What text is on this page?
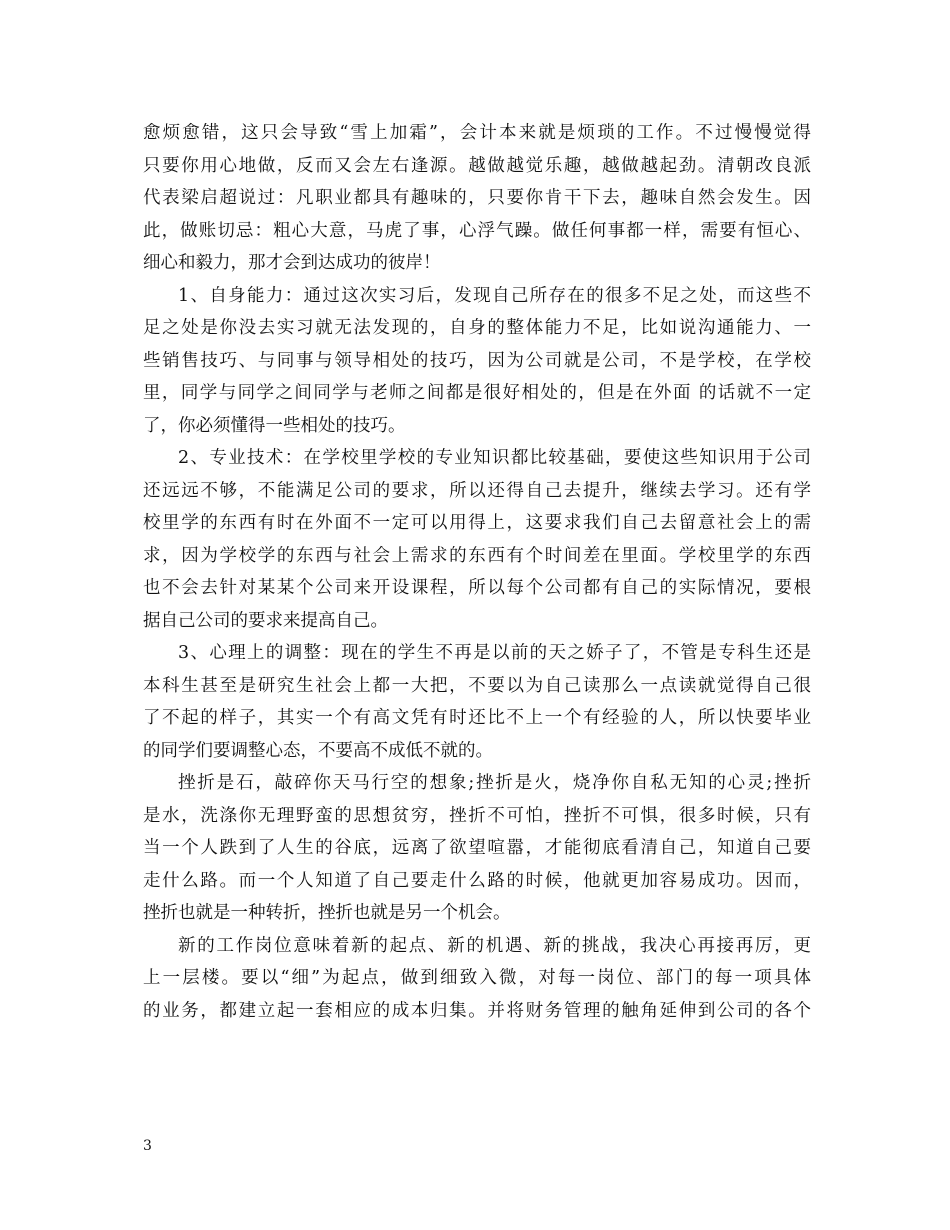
愈烦愈错，这只会导致“雪上加霜”，会计本来就是烦琐的工作。不过慢慢觉得
只要你用心地做，反而又会左右逢源。越做越觉乐趣，越做越起劲。清朝改良派
代表梁启超说过：凡职业都具有趣味的，只要你肯干下去，趣味自然会发生。因
此，做账切忌：粗心大意，马虎了事，心浮气躁。做任何事都一样，需要有恒心、
细心和毅力，那才会到达成功的彼岸！
1、自身能力：通过这次实习后，发现自己所存在的很多不足之处，而这些不
足之处是你没去实习就无法发现的，自身的整体能力不足，比如说沟通能力、一
些销售技巧、与同事与领导相处的技巧，因为公司就是公司，不是学校，在学校
里，同学与同学之间同学与老师之间都是很好相处的，但是在外面 的话就不一定
了，你必须懂得一些相处的技巧。
2、专业技术：在学校里学校的专业知识都比较基础，要使这些知识用于公司
还远远不够，不能满足公司的要求，所以还得自己去提升，继续去学习。还有学
校里学的东西有时在外面不一定可以用得上，这要求我们自己去留意社会上的需
求，因为学校学的东西与社会上需求的东西有个时间差在里面。学校里学的东西
也不会去针对某某个公司来开设课程，所以每个公司都有自己的实际情况，要根
据自己公司的要求来提高自己。
3、心理上的调整：现在的学生不再是以前的天之娇子了，不管是专科生还是
本科生甚至是研究生社会上都一大把，不要以为自己读那么一点读就觉得自己很
了不起的样子，其实一个有高文凭有时还比不上一个有经验的人，所以快要毕业
的同学们要调整心态，不要高不成低不就的。
挫折是石，敲碎你天马行空的想象;挫折是火，烧净你自私无知的心灵;挫折
是水，洗涤你无理野蛮的思想贫穷，挫折不可怕，挫折不可惧，很多时候，只有
当一个人跌到了人生的谷底，远离了欲望喧嚣，才能彻底看清自己，知道自己要
走什么路。而一个人知道了自己要走什么路的时候，他就更加容易成功。因而，
挫折也就是一种转折，挫折也就是另一个机会。
新的工作岗位意味着新的起点、新的机遇、新的挑战，我决心再接再厉，更
上一层楼。要以“细”为起点，做到细致入微，对每一岗位、部门的每一项具体
的业务，都建立起一套相应的成本归集。并将财务管理的触角延伸到公司的各个
3
